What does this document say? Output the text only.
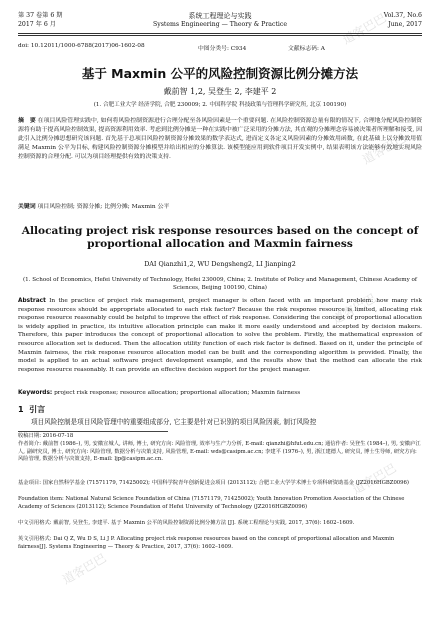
道客巴巴
道客巴巴
道客巴巴
道客巴巴
道客巴巴
第 37 卷第 6 期
2017 年 6 月
系统工程理论与实践
Systems Engineering — Theory & Practice
Vol.37, No.6
June, 2017
doi: 10.12011/1000-6788(2017)06-1602-08	中图分类号: C934	文献标志码: A
基于 Maxmin 公平的风险控制资源比例分摊方法
戴前智 1,2, 吴登生 2, 李建平 2
(1. 合肥工业大学 经济学院, 合肥 230009; 2. 中国科学院 科技政策与管理科学研究所, 北京 100190)
摘　要 在项目风险管理实践中, 如何将风险控制资源进行合理分配至各风险因素是一个重要问题. 在风险控制资源总量有限的情况下, 合理地分配风险控制资源将有助于提高风险控制效果, 提高资源利用效率. 考虑到比例分摊是一种在实践中被广泛采用的分摊方法, 其直观的分摊理念容易被决策者所理解和接受, 因此引入比例分摊思想研究该问题. 首先基于总项目风险控制资源分摊效果的数学表达式, 进而定义各定义风险因素的分摊效用函数, 在此基础上以分摊效用值满足 Maxmin 公平为目标, 构建风险控制资源分摊模型并给出相应的分摊算法. 该模型能应用到软件项目开发实例中, 结果表明该方法能够有效地实现风险控制资源的合理分配. 可以为项目经理提供有效的决策支持.
关键词 项目风险控制; 资源分摊; 比例分摊; Maxmin 公平
Allocating project risk response resources based on the concept of proportional allocation and Maxmin fairness
DAI Qianzhi1,2, WU Dengsheng2, LI Jianping2
(1. School of Economics, Hefei University of Technology, Hefei 230009, China; 2. Institute of Policy and Management, Chinese Academy of Sciences, Beijing 100190, China)
Abstract In the practice of project risk management, project manager is often faced with an important problem: how many risk response resources should be appropriate allocated to each risk factor? Because the risk response resource is limited, allocating risk response resource reasonably could be helpful to improve the effect of risk response. Considering the concept of proportional allocation is widely applied in practice, its intuitive allocation principle can make it more easily understood and accepted by decision makers. Therefore, this paper introduces the concept of proportional allocation to solve the problem. Firstly, the mathematical expression of resource allocation set is deduced. Then the allocation utility function of each risk factor is defined. Based on it, under the principle of Maxmin fairness, the risk response resource allocation model can be built and the corresponding algorithm is provided. Finally, the model is applied to an actual software project development example, and the results show that the method can allocate the risk response resource reasonably. It can provide an effective decision support for the project manager.
Keywords: project risk response; resource allocation; proportional allocation; Maxmin fairness
1 引言
项目风险控制是项目风险管理中的重要组成部分, 它主要是针对已识别的项目风险因素, 制订风险控
收稿日期: 2016-07-18
作者简介: 戴前智 (1986–), 男, 安徽宣城人, 讲师, 博士, 研究方向: 风险管理, 效率与生产力分析, E-mail: qianzhi@hfut.edu.cn; 通信作者: 吴登生 (1984–), 男, 安徽庐江人, 副研究员, 博士, 研究方向: 风险管理, 数据分析与决策支持, 风险管理, E-mail: wds@casipm.ac.cn; 李建平 (1976–), 男, 浙江建德人, 研究员, 博士生导师, 研究方向: 风险管理, 数据分析与决策支持, E-mail: ljp@casipm.ac.cn.
基金项目: 国家自然科学基金 (71571179, 71425002); 中国科学院青年创新促进会项目 (2013112); 合肥工业大学学术博士专项科研资助基金 (JZ2016HGBZ0096)
Foundation item: National Natural Science Foundation of China (71571179, 71425002); Youth Innovation Promotion Association of the Chinese Academy of Sciences (2013112); Science Foundation of Hefei University of Technology (JZ2016HGBZ0096)
中文引用格式: 戴前智, 吴登生, 李建平. 基于 Maxmin 公平的风险控制资源比例分摊方法 [J]. 系统工程理论与实践, 2017, 37(6): 1602–1609.
英文引用格式: Dai Q Z, Wu D S, Li J P. Allocating project risk response resources based on the concept of proportional allocation and Maxmin fairness[J]. Systems Engineering — Theory & Practice, 2017, 37(6): 1602–1609.
